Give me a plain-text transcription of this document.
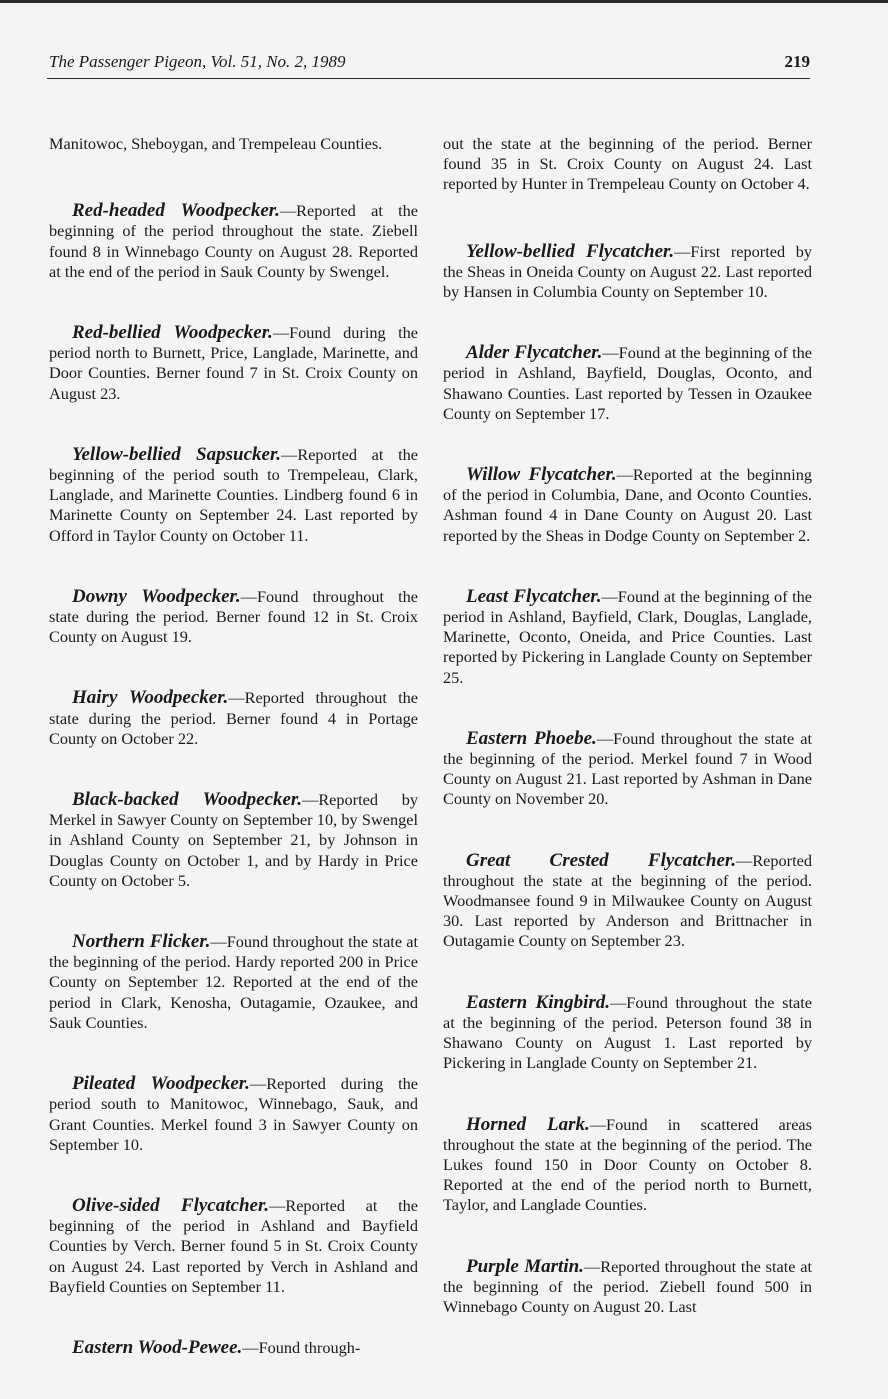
The Passenger Pigeon, Vol. 51, No. 2, 1989	219

Manitowoc, Sheboygan, and Trempeleau Counties.

Red-headed Woodpecker.—Reported at the beginning of the period throughout the state. Ziebell found 8 in Winnebago County on August 28. Reported at the end of the period in Sauk County by Swengel.

Red-bellied Woodpecker.—Found during the period north to Burnett, Price, Langlade, Marinette, and Door Counties. Berner found 7 in St. Croix County on August 23.

Yellow-bellied Sapsucker.—Reported at the beginning of the period south to Trempeleau, Clark, Langlade, and Marinette Counties. Lindberg found 6 in Marinette County on September 24. Last reported by Offord in Taylor County on October 11.

Downy Woodpecker.—Found throughout the state during the period. Berner found 12 in St. Croix County on August 19.

Hairy Woodpecker.—Reported throughout the state during the period. Berner found 4 in Portage County on October 22.

Black-backed Woodpecker.—Reported by Merkel in Sawyer County on September 10, by Swengel in Ashland County on September 21, by Johnson in Douglas County on October 1, and by Hardy in Price County on October 5.

Northern Flicker.—Found throughout the state at the beginning of the period. Hardy reported 200 in Price County on September 12. Reported at the end of the period in Clark, Kenosha, Outagamie, Ozaukee, and Sauk Counties.

Pileated Woodpecker.—Reported during the period south to Manitowoc, Winnebago, Sauk, and Grant Counties. Merkel found 3 in Sawyer County on September 10.

Olive-sided Flycatcher.—Reported at the beginning of the period in Ashland and Bayfield Counties by Verch. Berner found 5 in St. Croix County on August 24. Last reported by Verch in Ashland and Bayfield Counties on September 11.

Eastern Wood-Pewee.—Found through-

out the state at the beginning of the period. Berner found 35 in St. Croix County on August 24. Last reported by Hunter in Trempeleau County on October 4.

Yellow-bellied Flycatcher.—First reported by the Sheas in Oneida County on August 22. Last reported by Hansen in Columbia County on September 10.

Alder Flycatcher.—Found at the beginning of the period in Ashland, Bayfield, Douglas, Oconto, and Shawano Counties. Last reported by Tessen in Ozaukee County on September 17.

Willow Flycatcher.—Reported at the beginning of the period in Columbia, Dane, and Oconto Counties. Ashman found 4 in Dane County on August 20. Last reported by the Sheas in Dodge County on September 2.

Least Flycatcher.—Found at the beginning of the period in Ashland, Bayfield, Clark, Douglas, Langlade, Marinette, Oconto, Oneida, and Price Counties. Last reported by Pickering in Langlade County on September 25.

Eastern Phoebe.—Found throughout the state at the beginning of the period. Merkel found 7 in Wood County on August 21. Last reported by Ashman in Dane County on November 20.

Great Crested Flycatcher.—Reported throughout the state at the beginning of the period. Woodmansee found 9 in Milwaukee County on August 30. Last reported by Anderson and Brittnacher in Outagamie County on September 23.

Eastern Kingbird.—Found throughout the state at the beginning of the period. Peterson found 38 in Shawano County on August 1. Last reported by Pickering in Langlade County on September 21.

Horned Lark.—Found in scattered areas throughout the state at the beginning of the period. The Lukes found 150 in Door County on October 8. Reported at the end of the period north to Burnett, Taylor, and Langlade Counties.

Purple Martin.—Reported throughout the state at the beginning of the period. Ziebell found 500 in Winnebago County on August 20. Last
